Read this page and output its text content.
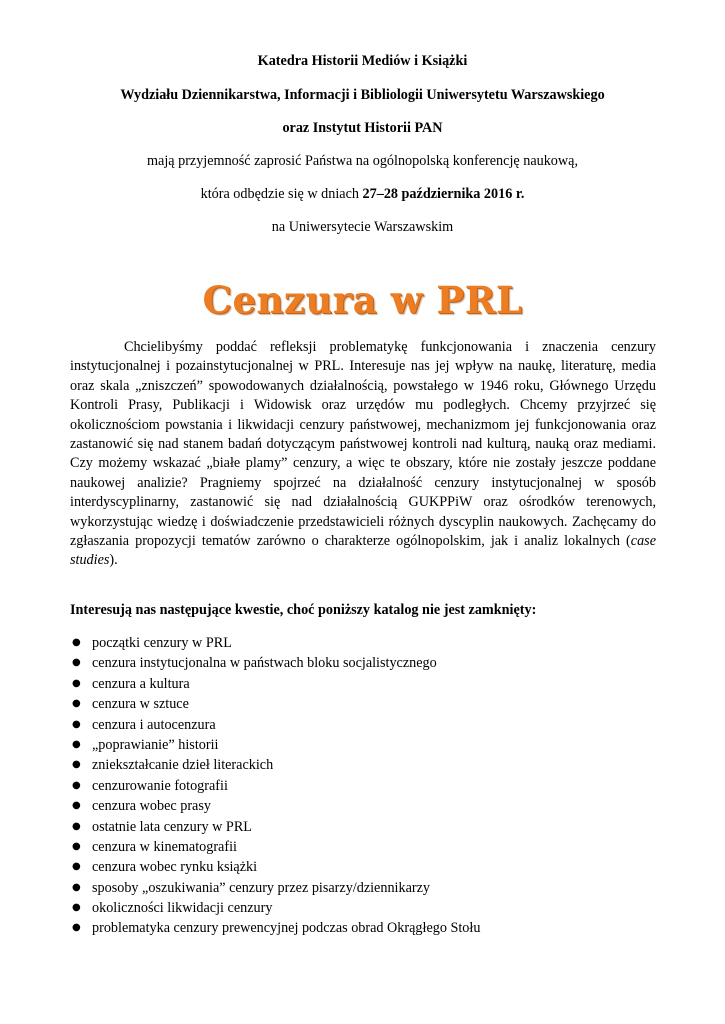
Katedra Historii Mediów i Książki
Wydziału Dziennikarstwa, Informacji i Bibliologii Uniwersytetu Warszawskiego
oraz Instytut Historii PAN
mają przyjemność zaprosić Państwa na ogólnopolską konferencję naukową,
która odbędzie się w dniach 27–28 października 2016 r.
na Uniwersytecie Warszawskim
Cenzura w PRL

Chcielibyśmy poddać refleksji problematykę funkcjonowania i znaczenia cenzury instytucjonalnej i pozainstytucjonalnej w PRL. Interesuje nas jej wpływ na naukę, literaturę, media oraz skala „zniszczeń” spowodowanych działalnością, powstałego w 1946 roku, Głównego Urzędu Kontroli Prasy, Publikacji i Widowisk oraz urzędów mu podległych. Chcemy przyjrzeć się okolicznościom powstania i likwidacji cenzury państwowej, mechanizmom jej funkcjonowania oraz zastanowić się nad stanem badań dotyczącym państwowej kontroli nad kulturą, nauką oraz mediami. Czy możemy wskazać „białe plamy” cenzury, a więc te obszary, które nie zostały jeszcze poddane naukowej analizie? Pragniemy spojrzeć na działalność cenzury instytucjonalnej w sposób interdyscyplinarny, zastanowić się nad działalnością GUKPPiW oraz ośrodków terenowych, wykorzystując wiedzę i doświadczenie przedstawicieli różnych dyscyplin naukowych. Zachęcamy do zgłaszania propozycji tematów zarówno o charakterze ogólnopolskim, jak i analiz lokalnych (case studies).

Interesują nas następujące kwestie, choć poniższy katalog nie jest zamknięty:
● początki cenzury w PRL
● cenzura instytucjonalna w państwach bloku socjalistycznego
● cenzura a kultura
● cenzura w sztuce
● cenzura i autocenzura
● „poprawianie” historii
● zniekształcanie dzieł literackich
● cenzurowanie fotografii
● cenzura wobec prasy
● ostatnie lata cenzury w PRL
● cenzura w kinematografii
● cenzura wobec rynku książki
● sposoby „oszukiwania” cenzury przez pisarzy/dziennikarzy
● okoliczności likwidacji cenzury
● problematyka cenzury prewencyjnej podczas obrad Okrągłego Stołu
